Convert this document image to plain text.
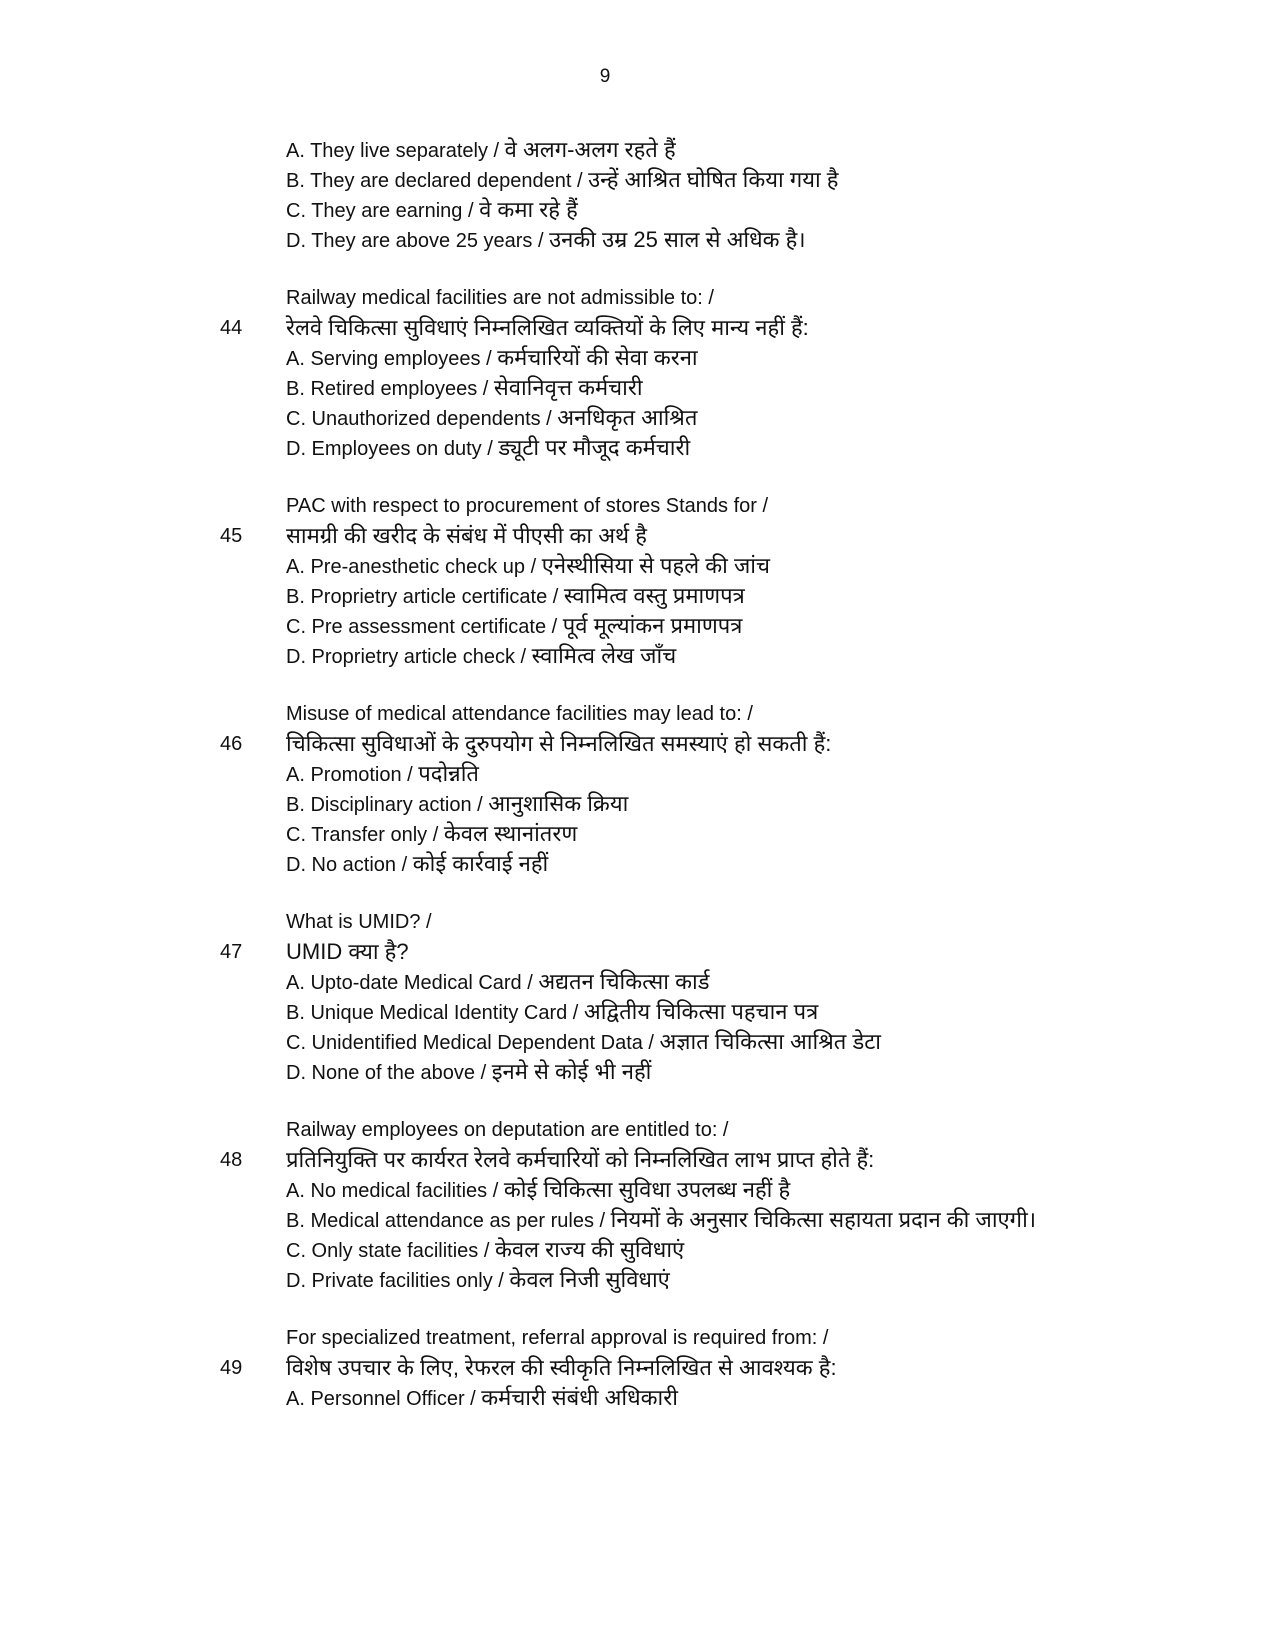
9
A. They live separately / वे अलग-अलग रहते हैं
B. They are declared dependent / उन्हें आश्रित घोषित किया गया है
C. They are earning / वे कमा रहे हैं
D. They are above 25 years / उनकी उम्र 25 साल से अधिक है।
44
Railway medical facilities are not admissible to: /
रेलवे चिकित्सा सुविधाएं निम्नलिखित व्यक्तियों के लिए मान्य नहीं हैं:
A. Serving employees / कर्मचारियों की सेवा करना
B. Retired employees / सेवानिवृत्त कर्मचारी
C. Unauthorized dependents / अनधिकृत आश्रित
D. Employees on duty / ड्यूटी पर मौजूद कर्मचारी
45
PAC with respect to procurement of stores Stands for /
सामग्री की खरीद के संबंध में पीएसी का अर्थ है
A. Pre-anesthetic check up / एनेस्थीसिया से पहले की जांच
B. Proprietry article certificate / स्वामित्व वस्तु प्रमाणपत्र
C. Pre assessment certificate / पूर्व मूल्यांकन प्रमाणपत्र
D. Proprietry article check / स्वामित्व लेख जाँच
46
Misuse of medical attendance facilities may lead to: /
चिकित्सा सुविधाओं के दुरुपयोग से निम्नलिखित समस्याएं हो सकती हैं:
A. Promotion / पदोन्नति
B. Disciplinary action / आनुशासिक क्रिया
C. Transfer only / केवल स्थानांतरण
D. No action / कोई कार्रवाई नहीं
47
What is UMID? /
UMID क्या है?
A. Upto-date Medical Card / अद्यतन चिकित्सा कार्ड
B. Unique Medical Identity Card / अद्वितीय चिकित्सा पहचान पत्र
C. Unidentified Medical Dependent Data / अज्ञात चिकित्सा आश्रित डेटा
D. None of the above / इनमे से कोई भी नहीं
48
Railway employees on deputation are entitled to: /
प्रतिनियुक्ति पर कार्यरत रेलवे कर्मचारियों को निम्नलिखित लाभ प्राप्त होते हैं:
A. No medical facilities / कोई चिकित्सा सुविधा उपलब्ध नहीं है
B. Medical attendance as per rules / नियमों के अनुसार चिकित्सा सहायता प्रदान की जाएगी।
C. Only state facilities / केवल राज्य की सुविधाएं
D. Private facilities only / केवल निजी सुविधाएं
49
For specialized treatment, referral approval is required from: /
विशेष उपचार के लिए, रेफरल की स्वीकृति निम्नलिखित से आवश्यक है:
A. Personnel Officer / कर्मचारी संबंधी अधिकारी
